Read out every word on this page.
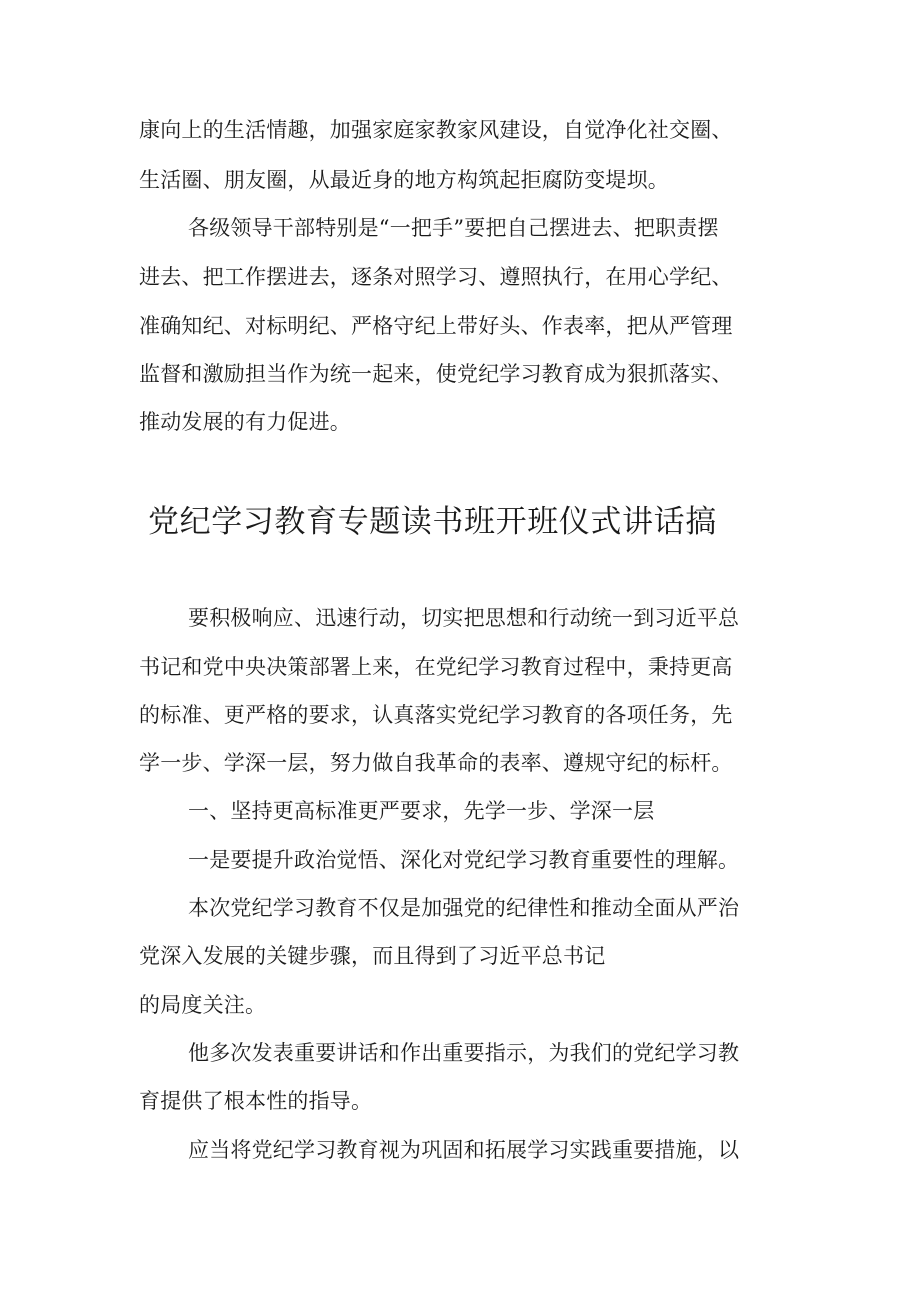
康向上的生活情趣，加强家庭家教家风建设，自觉净化社交圈、

生活圈、朋友圈，从最近身的地方构筑起拒腐防变堤坝。

各级领导干部特别是“一把手”要把自己摆进去、把职责摆

进去、把工作摆进去，逐条对照学习、遵照执行，在用心学纪、

准确知纪、对标明纪、严格守纪上带好头、作表率，把从严管理

监督和激励担当作为统一起来，使党纪学习教育成为狠抓落实、

推动发展的有力促进。

党纪学习教育专题读书班开班仪式讲话搞

要积极响应、迅速行动，切实把思想和行动统一到习近平总

书记和党中央决策部署上来，在党纪学习教育过程中，秉持更高

的标准、更严格的要求，认真落实党纪学习教育的各项任务，先

学一步、学深一层，努力做自我革命的表率、遵规守纪的标杆。

一、坚持更高标准更严要求，先学一步、学深一层

一是要提升政治觉悟、深化对党纪学习教育重要性的理解。

本次党纪学习教育不仅是加强党的纪律性和推动全面从严治

党深入发展的关键步骤，而且得到了习近平总书记

的局度关注。

他多次发表重要讲话和作出重要指示，为我们的党纪学习教

育提供了根本性的指导。

应当将党纪学习教育视为巩固和拓展学习实践重要措施，以
